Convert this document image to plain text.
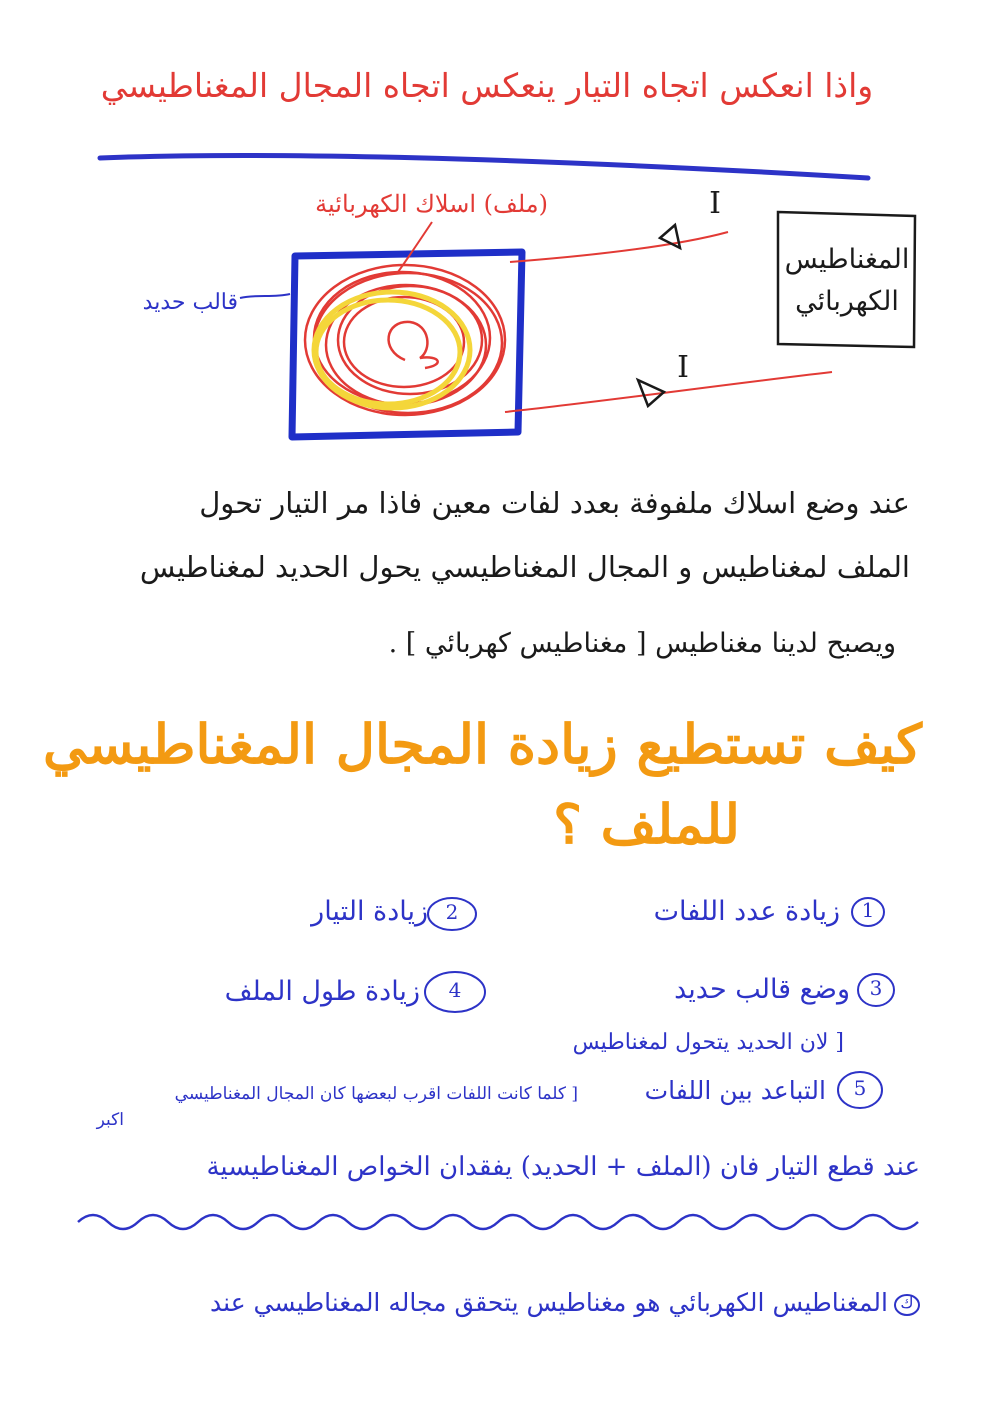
واذا انعكس اتجاه التيار ينعكس اتجاه المجال المغناطيسي
(ملف) اسلاك الكهربائية
قالب حديد
I
I
المغناطيس
الكهربائي
عند وضع اسلاك ملفوفة بعدد لفات معين فاذا مر التيار تحول
الملف لمغناطيس و المجال المغناطيسي يحول الحديد لمغناطيس
ويصبح لدينا مغناطيس [ مغناطيس كهربائي ] .
كيف تستطيع زيادة المجال المغناطيسي
للملف ؟
1
زيادة عدد اللفات
2
زيادة التيار
3
وضع قالب حديد
[ لان الحديد يتحول لمغناطيس
4
زيادة طول الملف
5
التباعد بين اللفات
[ كلما كانت اللفات اقرب لبعضها كان المجال المغناطيسي
اكبر
عند قطع التيار فان (الملف + الحديد) يفقدان الخواص المغناطيسية
ك
المغناطيس الكهربائي هو مغناطيس يتحقق مجاله المغناطيسي عند
